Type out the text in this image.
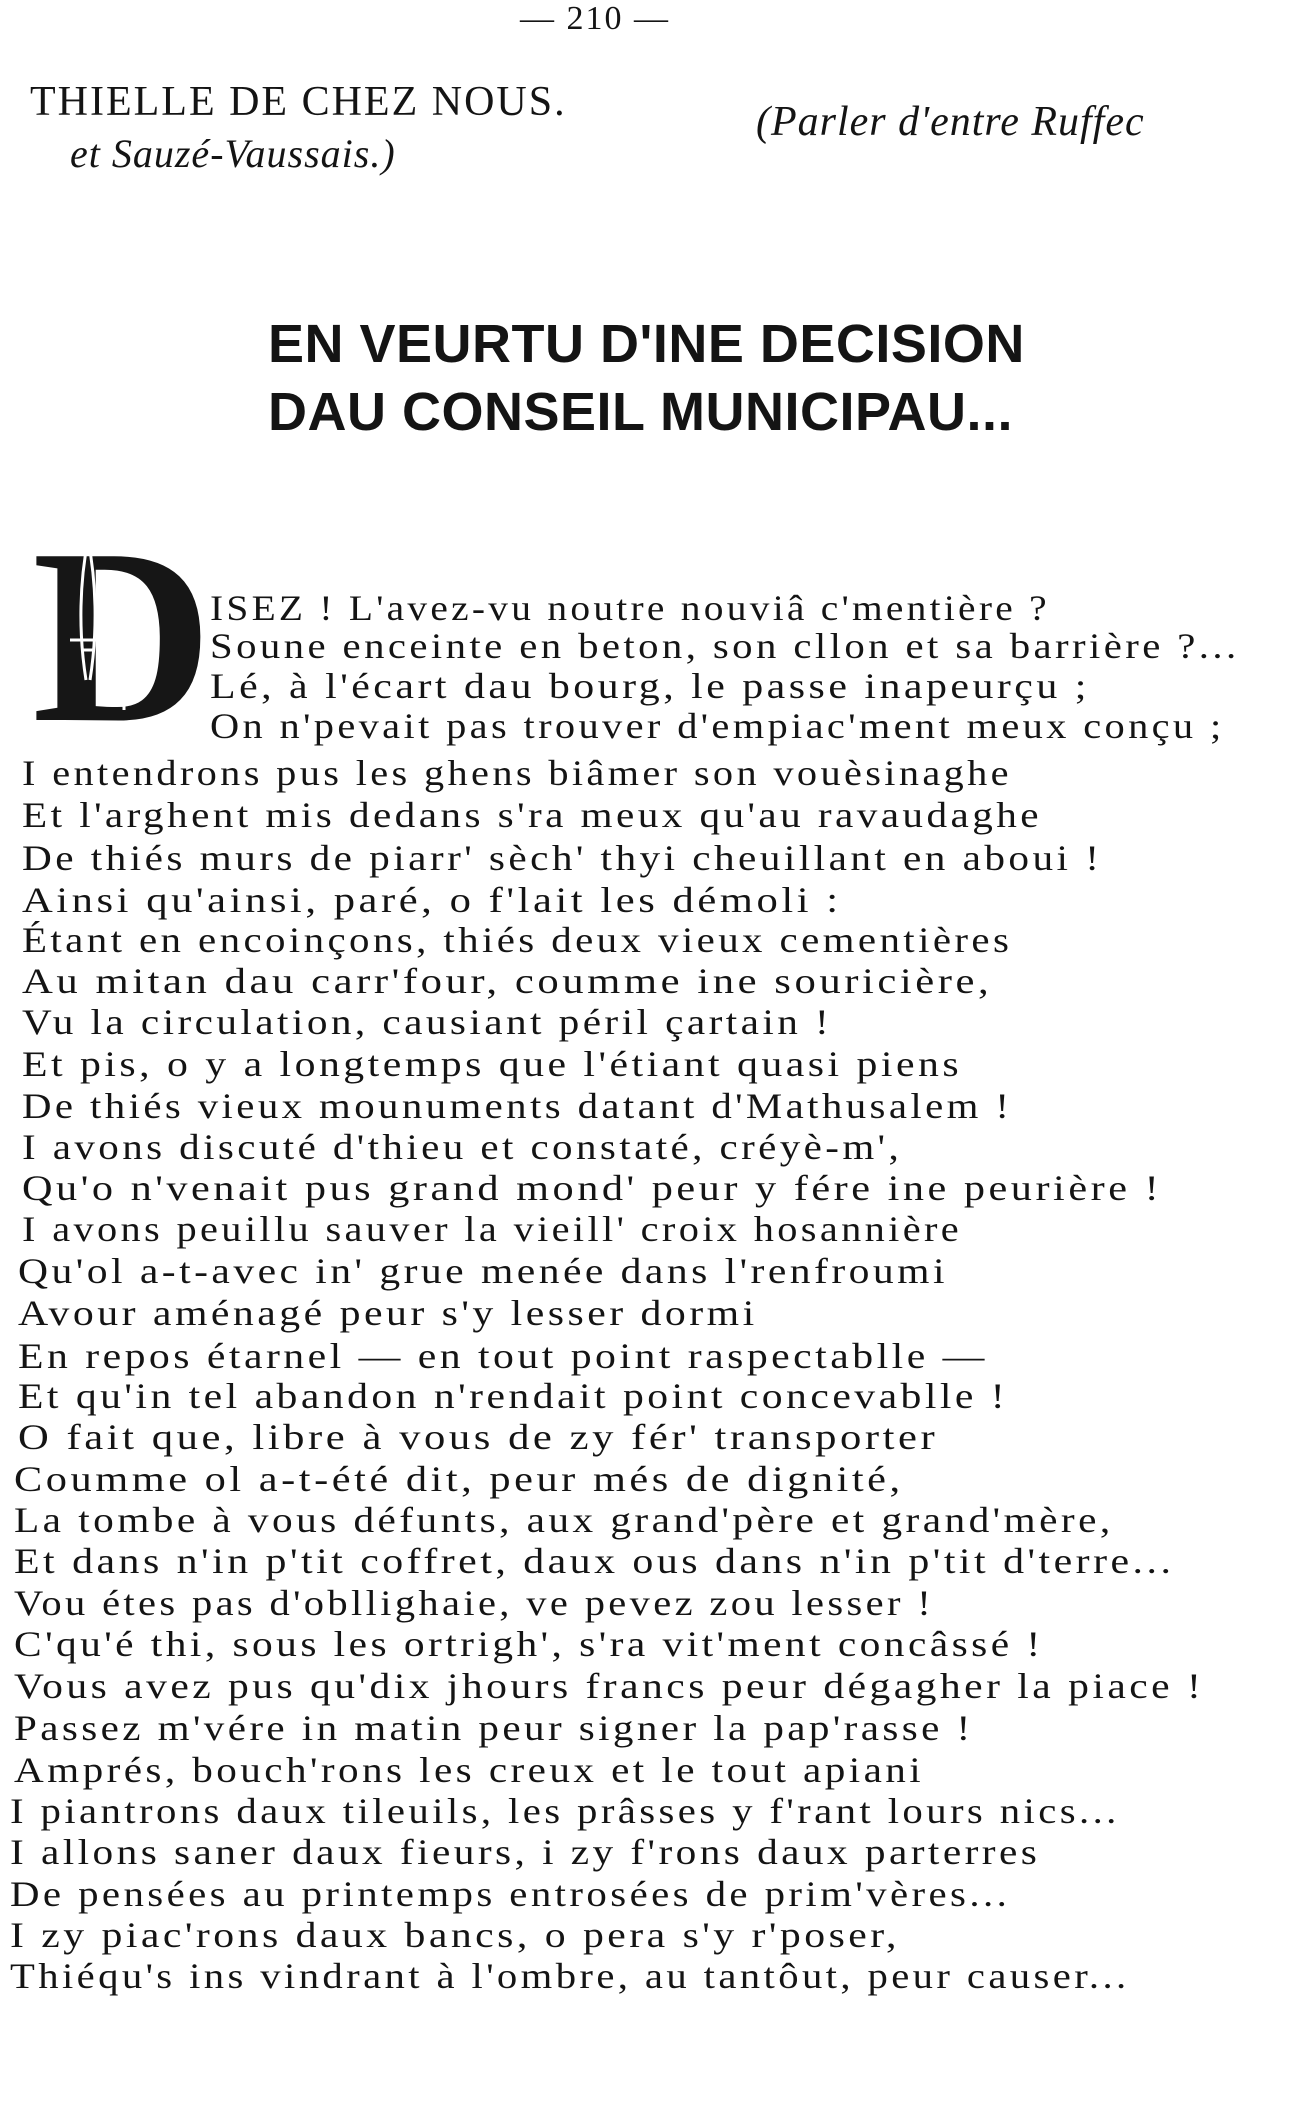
— 210 —
THIELLE DE CHEZ NOUS.	(Parler d'entre Ruffec
et Sauzé-Vaussais.)
EN VEURTU D'INE DECISION
DAU CONSEIL MUNICIPAU...
D
ISEZ ! L'avez-vu noutre nouviâ c'mentière ?
Soune enceinte en beton, son cllon et sa barrière ?...
Lé, à l'écart dau bourg, le passe inapeurçu ;
On n'pevait pas trouver d'empiac'ment meux conçu ;
I entendrons pus les ghens biâmer son vouèsinaghe
Et l'arghent mis dedans s'ra meux qu'au ravaudaghe
De thiés murs de piarr' sèch' thyi cheuillant en aboui !
Ainsi qu'ainsi, paré, o f'lait les démoli :
Étant en encoinçons, thiés deux vieux cementières
Au mitan dau carr'four, coumme ine souricière,
Vu la circulation, causiant péril çartain !
Et pis, o y a longtemps que l'étiant quasi piens
De thiés vieux mounuments datant d'Mathusalem !
I avons discuté d'thieu et constaté, créyè-m',
Qu'o n'venait pus grand mond' peur y fére ine peurière !
I avons peuillu sauver la vieill' croix hosannière
Qu'ol a-t-avec in' grue menée dans l'renfroumi
Avour aménagé peur s'y lesser dormi
En repos étarnel — en tout point raspectablle —
Et qu'in tel abandon n'rendait point concevablle !
O fait que, libre à vous de zy fér' transporter
Coumme ol a-t-été dit, peur més de dignité,
La tombe à vous défunts, aux grand'père et grand'mère,
Et dans n'in p'tit coffret, daux ous dans n'in p'tit d'terre...
Vou étes pas d'obllighaie, ve pevez zou lesser !
C'qu'é thi, sous les ortrigh', s'ra vit'ment concâssé !
Vous avez pus qu'dix jhours francs peur dégagher la piace !
Passez m'vére in matin peur signer la pap'rasse !
Amprés, bouch'rons les creux et le tout apiani
I piantrons daux tileuils, les prâsses y f'rant lours nics...
I allons saner daux fieurs, i zy f'rons daux parterres
De pensées au printemps entrosées de prim'vères...
I zy piac'rons daux bancs, o pera s'y r'poser,
Thiéqu's ins vindrant à l'ombre, au tantôut, peur causer...
